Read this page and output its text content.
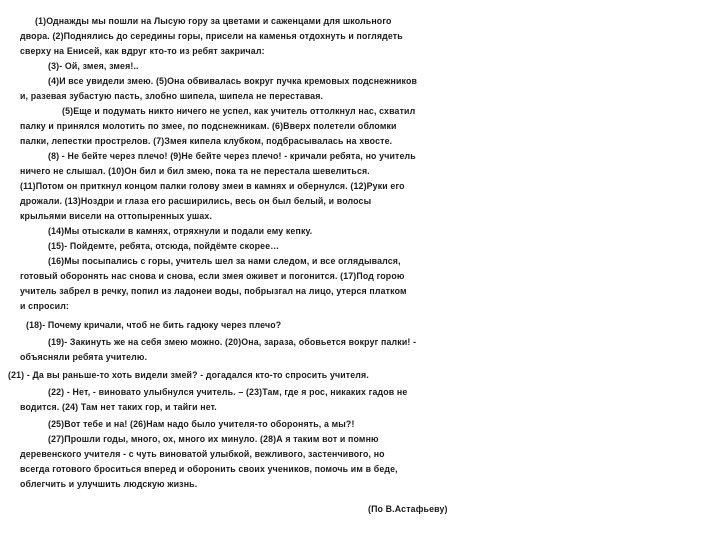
(1)Однажды мы пошли на Лысую гору за цветами и саженцами для школьного
двора. (2)Поднялись до середины горы, присели на каменья отдохнуть и поглядеть
сверху на Енисей, как вдруг кто-то из ребят закричал:
(3)- Ой, змея, змея!..
(4)И все увидели змею. (5)Она обвивалась вокруг пучка кремовых подснежников
и, разевая зубастую пасть, злобно шипела, шипела не переставая.
(5)Еще и подумать никто ничего не успел, как учитель оттолкнул нас, схватил
палку и принялся молотить по змее, по подснежникам. (6)Вверх полетели обломки
палки, лепестки прострелов. (7)Змея кипела клубком, подбрасывалась на хвосте.
(8) - Не бейте через плечо! (9)Не бейте через плечо! - кричали ребята, но учитель
ничего не слышал. (10)Он бил и бил змею, пока та не перестала шевелиться.
(11)Потом он приткнул концом палки голову змеи в камнях и обернулся. (12)Руки его
дрожали. (13)Ноздри и глаза его расширились, весь он был белый, и волосы
крыльями висели на оттопыренных ушах.
(14)Мы отыскали в камнях, отряхнули и подали ему кепку.
(15)- Пойдемте, ребята, отсюда, пойдёмте скорее…
(16)Мы посыпались с горы, учитель шел за нами следом, и все оглядывался,
готовый оборонять нас снова и снова, если змея оживет и погонится. (17)Под горою
учитель забрел в речку, попил из ладонеи воды, побрызгал на лицо, утерся платком
и спросил:
(18)- Почему кричали, чтоб не бить гадюку через плечо?
(19)- Закинуть же на себя змею можно. (20)Она, зараза, обовьется вокруг палки! -
объясняли ребята учителю.
(21) - Да вы раньше-то хоть видели змей? - догадался кто-то спросить учителя.
(22) - Нет, - виновато улыбнулся учитель. – (23)Там, где я рос, никаких гадов не
водится. (24) Там нет таких гор, и тайги нет.
(25)Вот тебе и на! (26)Нам надо было учителя-то оборонять, а мы?!
(27)Прошли годы, много, ох, много их минуло. (28)А я таким вот и помню
деревенского учителя - с чуть виноватой улыбкой, вежливого, застенчивого, но
всегда готового броситься вперед и оборонить своих учеников, помочь им в беде,
облегчить и улучшить людскую жизнь.
(По В.Астафьеву)
